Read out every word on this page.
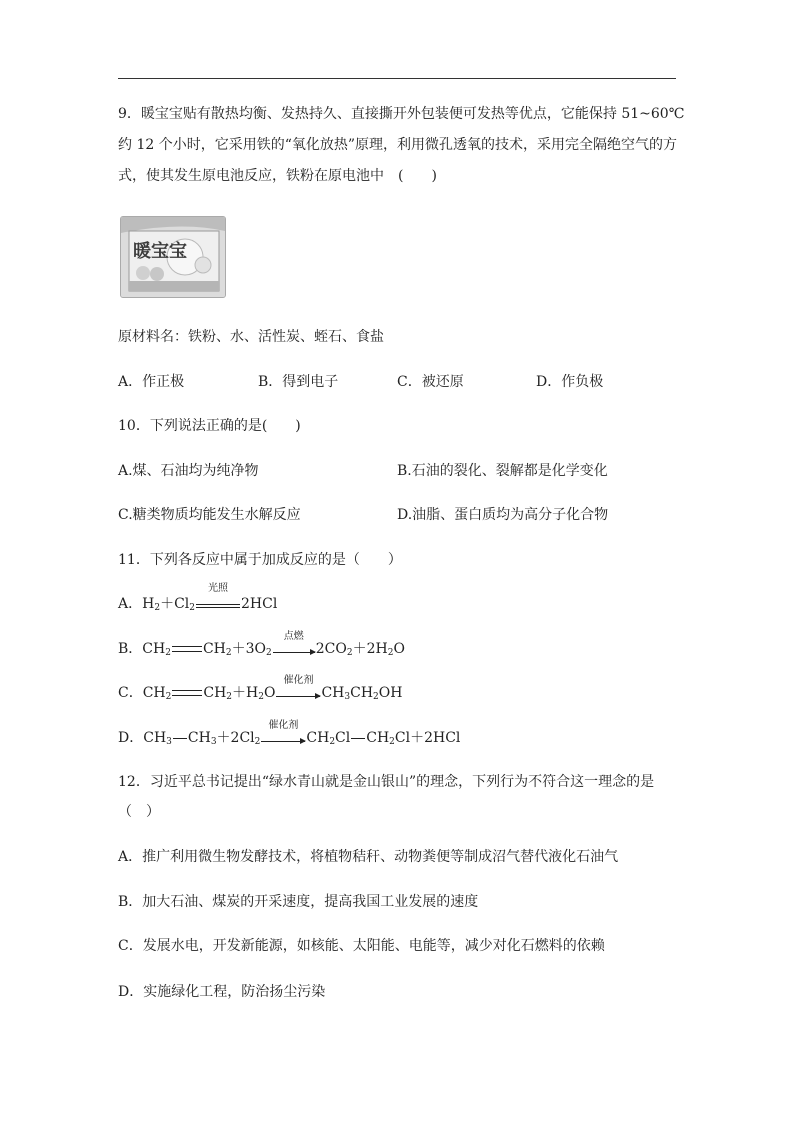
9．暖宝宝贴有散热均衡、发热持久、直接撕开外包装便可发热等优点，它能保持 51~60℃
约 12 个小时，它采用铁的“氧化放热”原理，利用微孔透氧的技术，采用完全隔绝空气的方
式，使其发生原电池反应，铁粉在原电池中　(　　)
暖宝宝
原材料名：铁粉、水、活性炭、蛭石、食盐
A．作正极	B．得到电子	C．被还原	D．作负极
10．下列说法正确的是(　　)
A.煤、石油均为纯净物	B.石油的裂化、裂解都是化学变化
C.糖类物质均能发生水解反应	D.油脂、蛋白质均为高分子化合物
11．下列各反应中属于加成反应的是（　　）
A．$H_2+Cl_2$
光照
2HCl
B．$CH_2$ $CH_2+3O_2$
点燃
$2CO_2+2H_2O$
C．$CH_2$ $CH_2+H_2O$
催化剂
$CH_3CH_2OH$
D．$CH_3$ $CH_3+2Cl_2$
催化剂
$CH_2Cl$ $CH_2Cl+2HCl$
12．习近平总书记提出“绿水青山就是金山银山”的理念，下列行为不符合这一理念的是
（　）
A．推广利用微生物发酵技术，将植物秸秆、动物粪便等制成沼气替代液化石油气
B．加大石油、煤炭的开采速度，提高我国工业发展的速度
C．发展水电，开发新能源，如核能、太阳能、电能等，减少对化石燃料的依赖
D．实施绿化工程，防治扬尘污染
